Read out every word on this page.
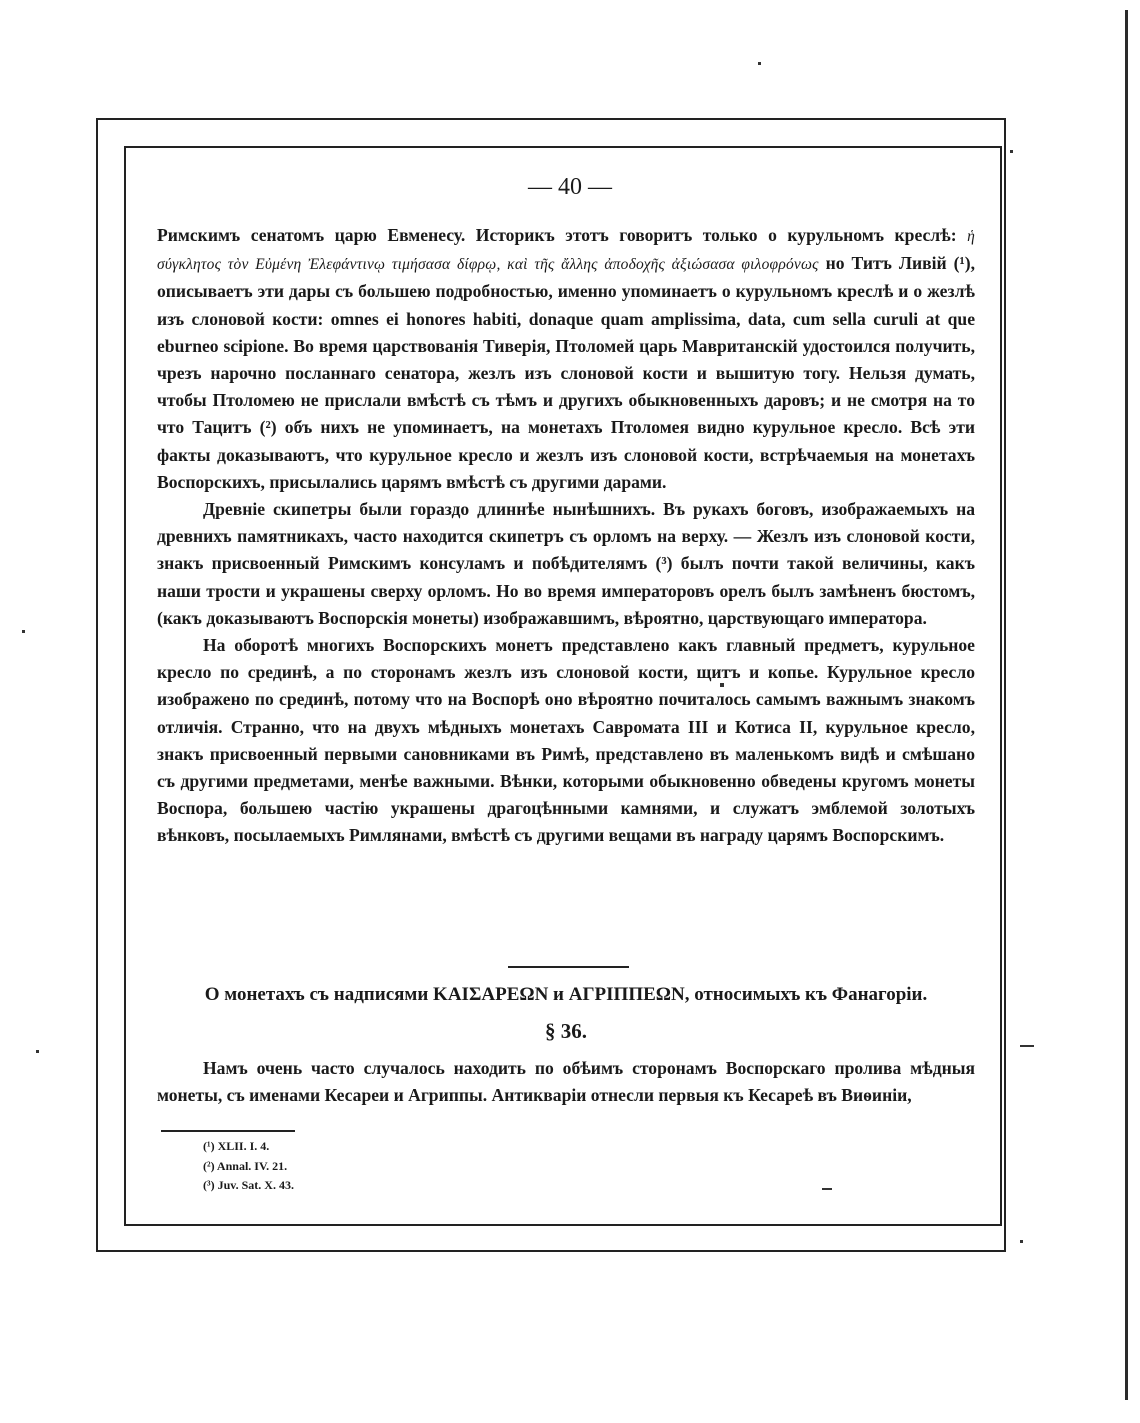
— 40 —

Римскимъ сенатомъ царю Евменесу. Историкъ этотъ говоритъ только о курульномъ креслѣ: ἡ σύγκλητος τὸν Εὐμένη Ἐλεφάντινῳ τιμήσασα δίφρῳ, καὶ τῆς ἄλλης ἀποδοχῆς ἀξιώσασα φιλοφρόνως но Титъ Ливій (¹), описываетъ эти дары съ большею подробностью, именно упоминаетъ о курульномъ креслѣ и о жезлѣ изъ слоновой кости: omnes ei honores habiti, donaque quam amplissima, data, cum sella curuli at que eburneo scipione. Во время царствованія Тиверія, Птоломей царь Мавританскій удостоился получить, чрезъ нарочно посланнаго сенатора, жезлъ изъ слоновой кости и вышитую тогу. Нельзя думать, чтобы Птоломею не прислали вмѣстѣ съ тѣмъ и другихъ обыкновенныхъ даровъ; и не смотря на то что Тацитъ (²) объ нихъ не упоминаетъ, на монетахъ Птоломея видно курульное кресло. Всѣ эти факты доказываютъ, что курульное кресло и жезлъ изъ слоновой кости, встрѣчаемыя на монетахъ Воспорскихъ, присылались царямъ вмѣстѣ съ другими дарами.

Древніе скипетры были гораздо длиннѣе нынѣшнихъ. Въ рукахъ боговъ, изображаемыхъ на древнихъ памятникахъ, часто находится скипетръ съ орломъ на верху. — Жезлъ изъ слоновой кости, знакъ присвоенный Римскимъ консуламъ и побѣдителямъ (³) былъ почти такой величины, какъ наши трости и украшены сверху орломъ. Но во время императоровъ орелъ былъ замѣненъ бюстомъ, (какъ доказываютъ Воспорскія монеты) изображавшимъ, вѣроятно, царствующаго императора.

На оборотѣ многихъ Воспорскихъ монетъ представлено какъ главный предметъ, курульное кресло по срединѣ, а по сторонамъ жезлъ изъ слоновой кости, щитъ и копье. Курульное кресло изображено по срединѣ, потому что на Воспорѣ оно вѣроятно почиталось самымъ важнымъ знакомъ отличія. Странно, что на двухъ мѣдныхъ монетахъ Савромата III и Котиса II, курульное кресло, знакъ присвоенный первыми сановниками въ Римѣ, представлено въ маленькомъ видѣ и смѣшано съ другими предметами, менѣе важными. Вѣнки, которыми обыкновенно обведены кругомъ монеты Воспора, большею частію украшены драгоцѣнными камнями, и служатъ эмблемой золотыхъ вѣнковъ, посылаемыхъ Римлянами, вмѣстѣ съ другими вещами въ награду царямъ Воспорскимъ.

О монетахъ съ надписями ΚΑΙΣΑΡΕΩΝ и ΑΓΡΙΠΠΕΩΝ, относимыхъ къ Фанагоріи.
§ 36.

Намъ очень часто случалось находить по обѣимъ сторонамъ Воспорскаго пролива мѣдныя монеты, съ именами Кесареи и Агриппы. Антикваріи отнесли первыя къ Кесареѣ въ Виѳиніи,

(¹) XLII. I. 4.
(²) Annal. IV. 21.
(³) Juv. Sat. X. 43.
